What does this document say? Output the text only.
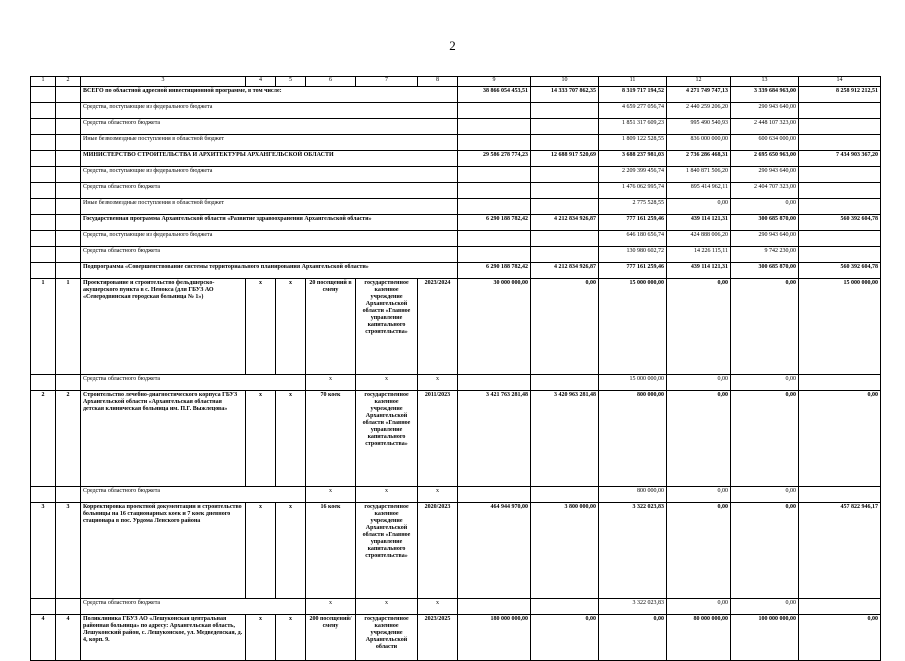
2
1	2	3	4	5	6	7	8	9	10	11	12	13	14
		ВСЕГО по областной адресной инвестиционной программе, в том числе:						38 866 054 453,51	14 333 707 862,35	8 319 717 194,52	4 271 749 747,13	3 339 684 963,00	8 258 912 212,51
		Средства, поступающие из федерального бюджета								4 659 277 056,74	2 440 259 206,20	290 943 640,00	
		Средства областного бюджета								1 851 317 609,23	995 490 540,93	2 448 107 323,00	
		Иные безвозмездные поступления в областной бюджет								1 809 122 528,55	836 000 000,00	600 634 000,00	
		МИНИСТЕРСТВО СТРОИТЕЛЬСТВА И АРХИТЕКТУРЫ АРХАНГЕЛЬСКОЙ ОБЛАСТИ						29 586 278 774,23	12 688 917 520,69	3 688 237 981,03	2 736 286 468,31	2 695 650 963,00	7 434 903 367,20
		Средства, поступающие из федерального бюджета								2 209 399 456,74	1 840 871 506,20	290 943 640,00	
		Средства областного бюджета								1 476 062 995,74	895 414 962,11	2 404 707 323,00	
		Иные безвозмездные поступления в областной бюджет								2 775 528,55	0,00	0,00	
		Государственная программа Архангельской области «Развитие здравоохранения Архангельской области»						6 290 188 782,42	4 212 834 926,87	777 161 259,46	439 114 121,31	300 685 870,00	560 392 604,78
		Средства, поступающие из федерального бюджета								646 180 656,74	424 888 006,20	290 943 640,00	
		Средства областного бюджета								130 980 602,72	14 226 115,11	9 742 230,00	
		Подпрограмма «Совершенствование системы территориального планирования Архангельской области»						6 290 188 782,42	4 212 834 926,87	777 161 259,46	439 114 121,31	300 685 870,00	560 392 604,78
1	1	Проектирование и строительство фельдшерско-акушерского пункта в с. Ненокса (для ГБУЗ АО «Северодвинская городская больница № 1»)	х	х	20 посещений в смену	государственное казенное учреждение Архангельской области «Главное управление капитального строительства»	2023/2024	30 000 000,00	0,00	15 000 000,00	0,00	0,00	15 000 000,00
		Средства областного бюджета			х	х	х			15 000 000,00	0,00	0,00	
2	2	Строительство лечебно-диагностического корпуса ГБУЗ Архангельской области «Архангельская областная детская клиническая больница им. П.Г. Выжлецова»	х	х	70 коек	государственное казенное учреждение Архангельской области «Главное управление капитального строительства»	2011/2023	3 421 763 281,48	3 420 963 281,48	800 000,00	0,00	0,00	0,00
		Средства областного бюджета			х	х	х			800 000,00	0,00	0,00	
3	3	Корректировка проектной документации и строительство больницы на 16 стационарных коек и 7 коек дневного стационара в пос. Урдома Ленского района	х	х	16 коек	государственное казенное учреждение Архангельской области «Главное управление капитального строительства»	2020/2023	464 944 970,00	3 800 000,00	3 322 023,83	0,00	0,00	457 822 946,17
		Средства областного бюджета			х	х	х			3 322 023,83	0,00	0,00	
4	4	Поликлиника ГБУЗ АО «Лешуконская центральная районная больница» по адресу: Архангельская область, Лешуконский район, с. Лешуконское, ул. Медведевская, д. 4, корп. 9.	х	х	200 посещений/ смену	государственное казенное учреждение Архангельской области	2023/2025	180 000 000,00	0,00	0,00	80 000 000,00	100 000 000,00	0,00
